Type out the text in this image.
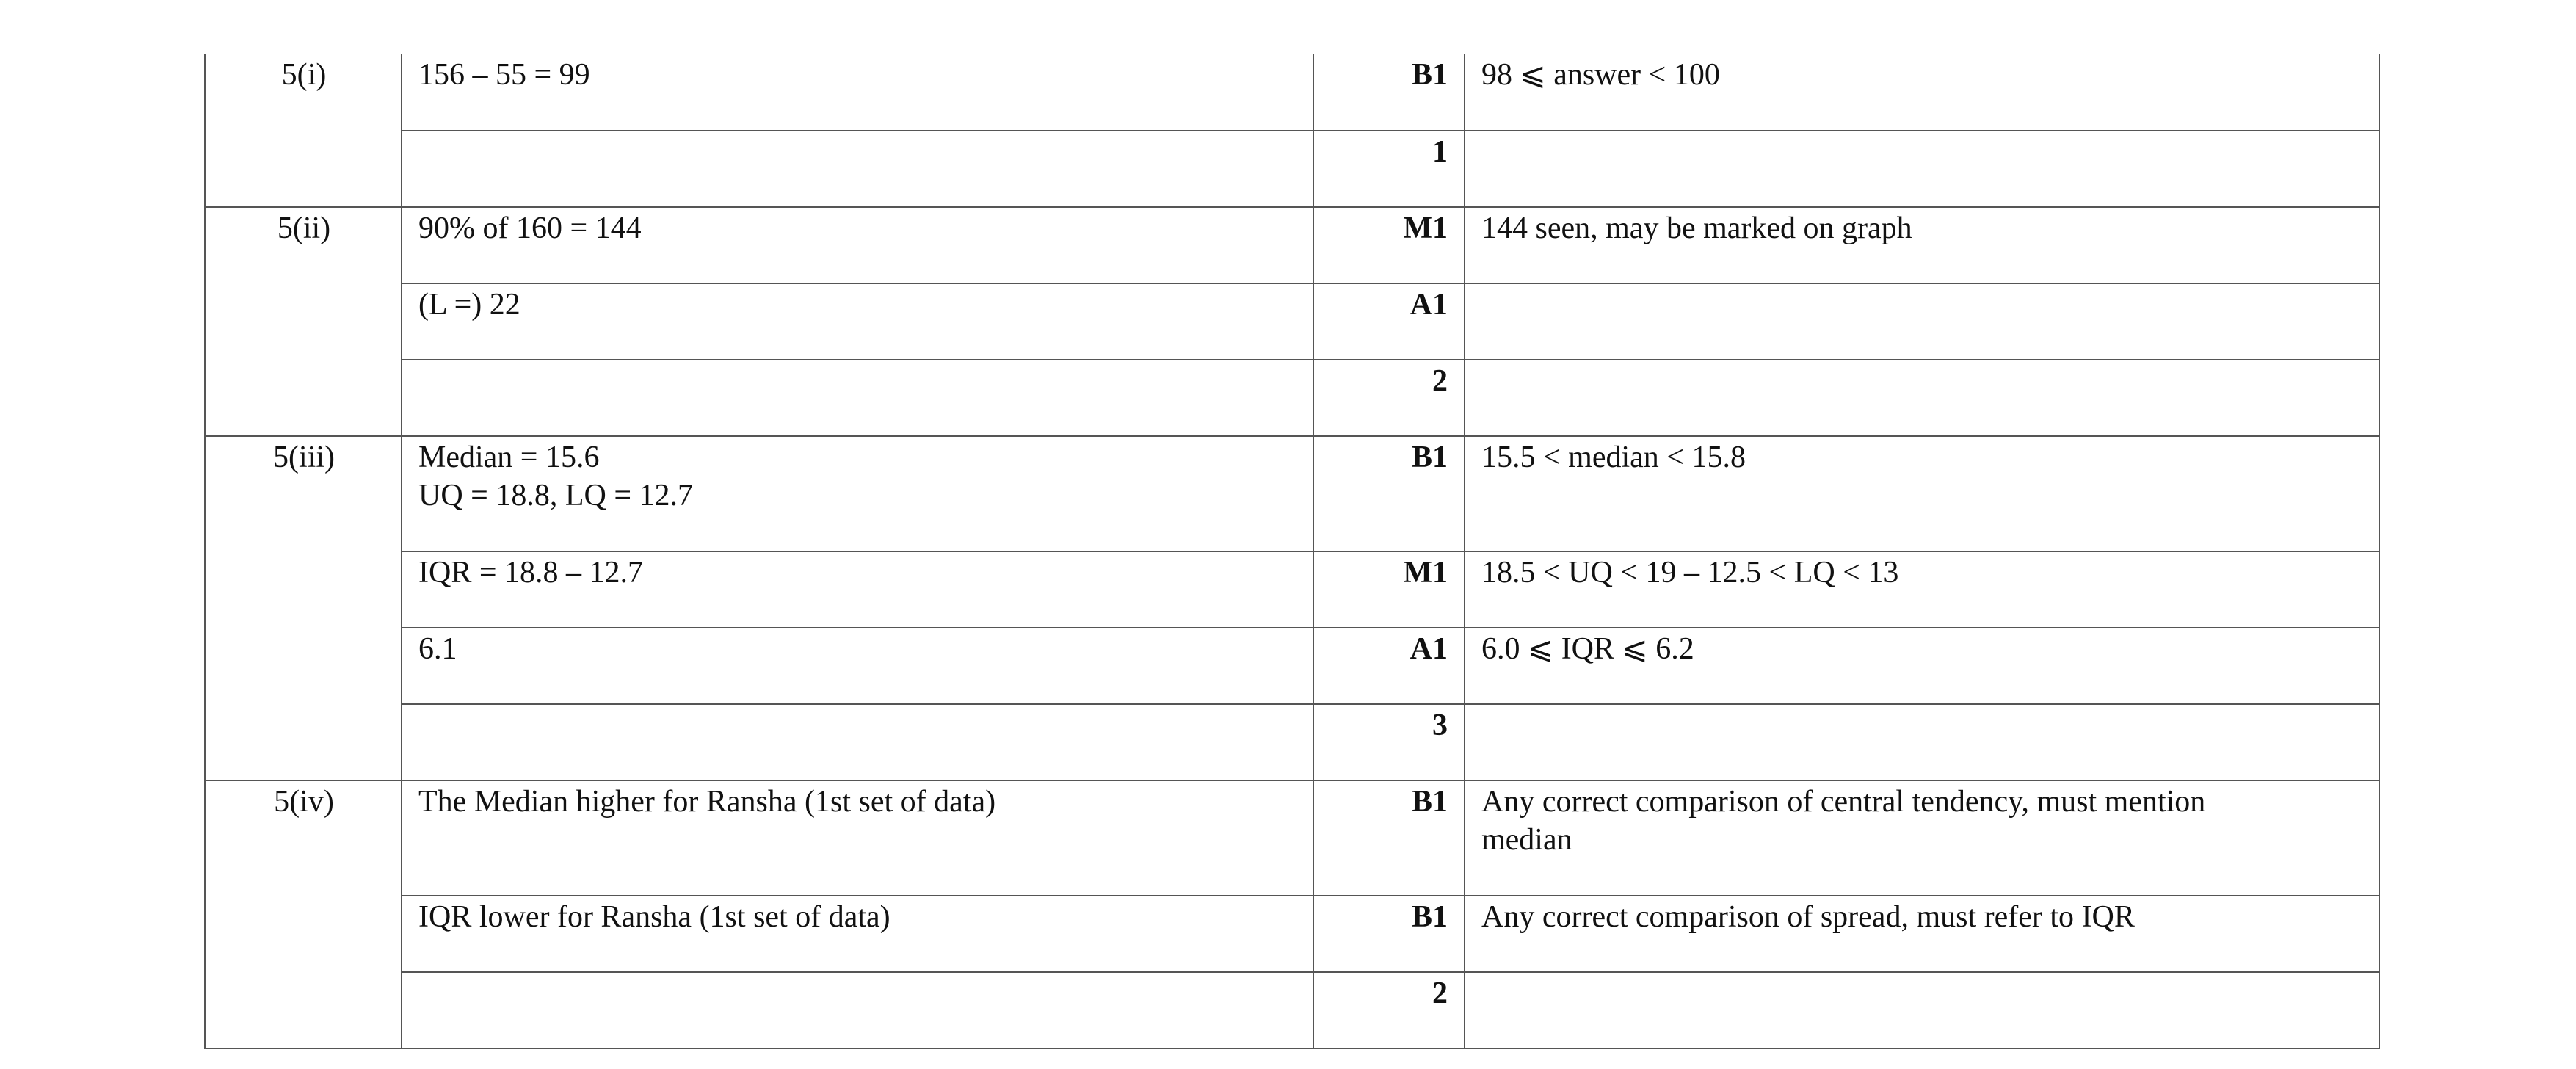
5(i)	156 – 55 = 99	B1	98 ⩽ answer < 100
		1	
5(ii)	90% of 160 = 144	M1	144 seen, may be marked on graph
	(L =) 22	A1	
		2	
5(iii)	Median = 15.6
UQ = 18.8, LQ = 12.7	B1	15.5 < median < 15.8
	IQR = 18.8 – 12.7	M1	18.5 < UQ < 19 – 12.5 < LQ < 13
	6.1	A1	6.0 ⩽ IQR ⩽ 6.2
		3	
5(iv)	The Median higher for Ransha (1st set of data)	B1	Any correct comparison of central tendency, must mention
median

	IQR lower for Ransha (1st set of data)	B1	Any correct comparison of spread, must refer to IQR
		2	
